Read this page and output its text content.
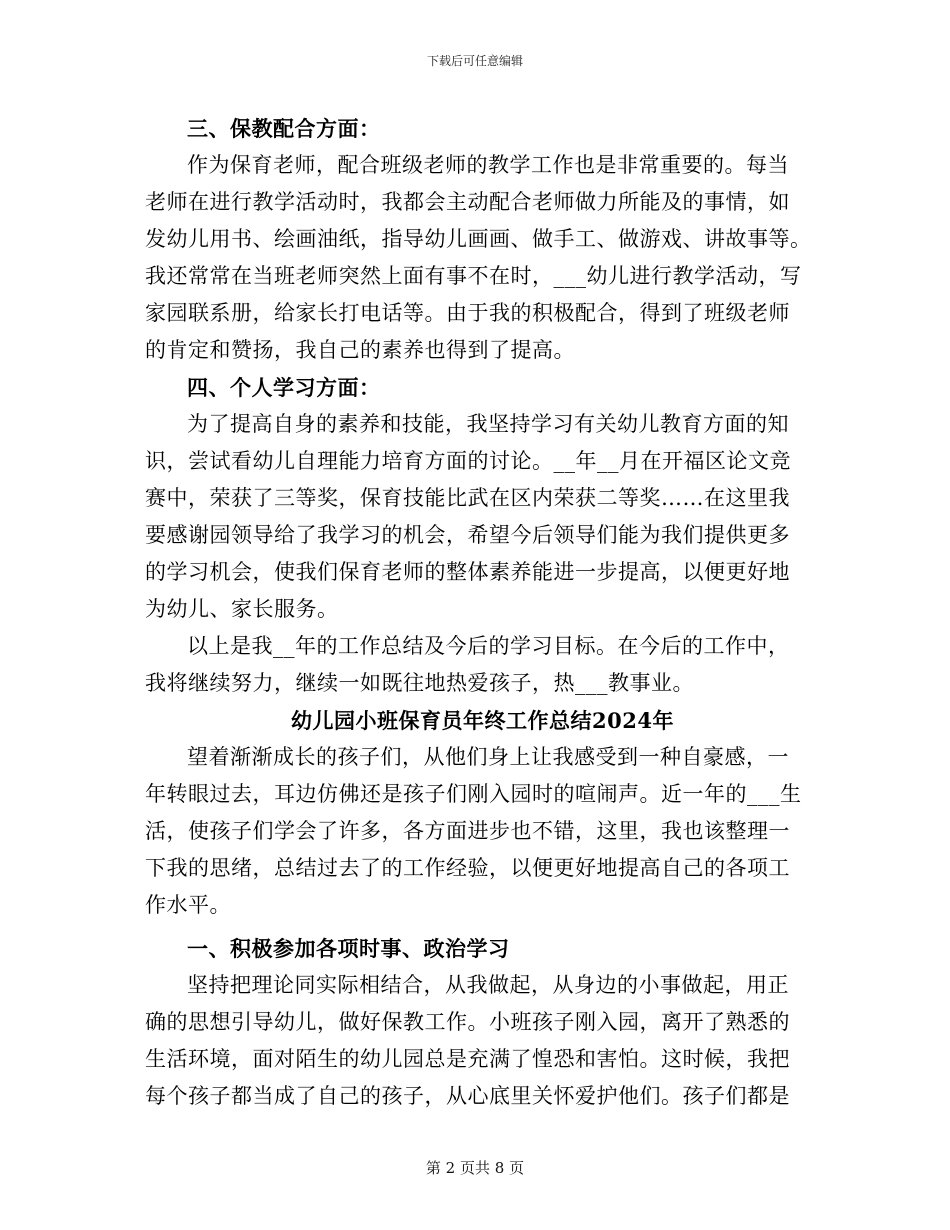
下载后可任意编辑
三、保教配合方面：
作为保育老师，配合班级老师的教学工作也是非常重要的。每当
老师在进行教学活动时，我都会主动配合老师做力所能及的事情，如
发幼儿用书、绘画油纸，指导幼儿画画、做手工、做游戏、讲故事等。
我还常常在当班老师突然上面有事不在时，___幼儿进行教学活动，写
家园联系册，给家长打电话等。由于我的积极配合，得到了班级老师
的肯定和赞扬，我自己的素养也得到了提高。
四、个人学习方面：
为了提高自身的素养和技能，我坚持学习有关幼儿教育方面的知
识，尝试看幼儿自理能力培育方面的讨论。__年__月在开福区论文竞
赛中，荣获了三等奖，保育技能比武在区内荣获二等奖……在这里我
要感谢园领导给了我学习的机会，希望今后领导们能为我们提供更多
的学习机会，使我们保育老师的整体素养能进一步提高，以便更好地
为幼儿、家长服务。
以上是我__年的工作总结及今后的学习目标。在今后的工作中，
我将继续努力，继续一如既往地热爱孩子，热___教事业。
幼儿园小班保育员年终工作总结2024年
望着渐渐成长的孩子们，从他们身上让我感受到一种自豪感，一
年转眼过去，耳边仿佛还是孩子们刚入园时的喧闹声。近一年的___生
活，使孩子们学会了许多，各方面进步也不错，这里，我也该整理一
下我的思绪，总结过去了的工作经验，以便更好地提高自己的各项工
作水平。
一、积极参加各项时事、政治学习
坚持把理论同实际相结合，从我做起，从身边的小事做起，用正
确的思想引导幼儿，做好保教工作。小班孩子刚入园，离开了熟悉的
生活环境，面对陌生的幼儿园总是充满了惶恐和害怕。这时候，我把
每个孩子都当成了自己的孩子，从心底里关怀爱护他们。孩子们都是
第 2 页共 8 页
